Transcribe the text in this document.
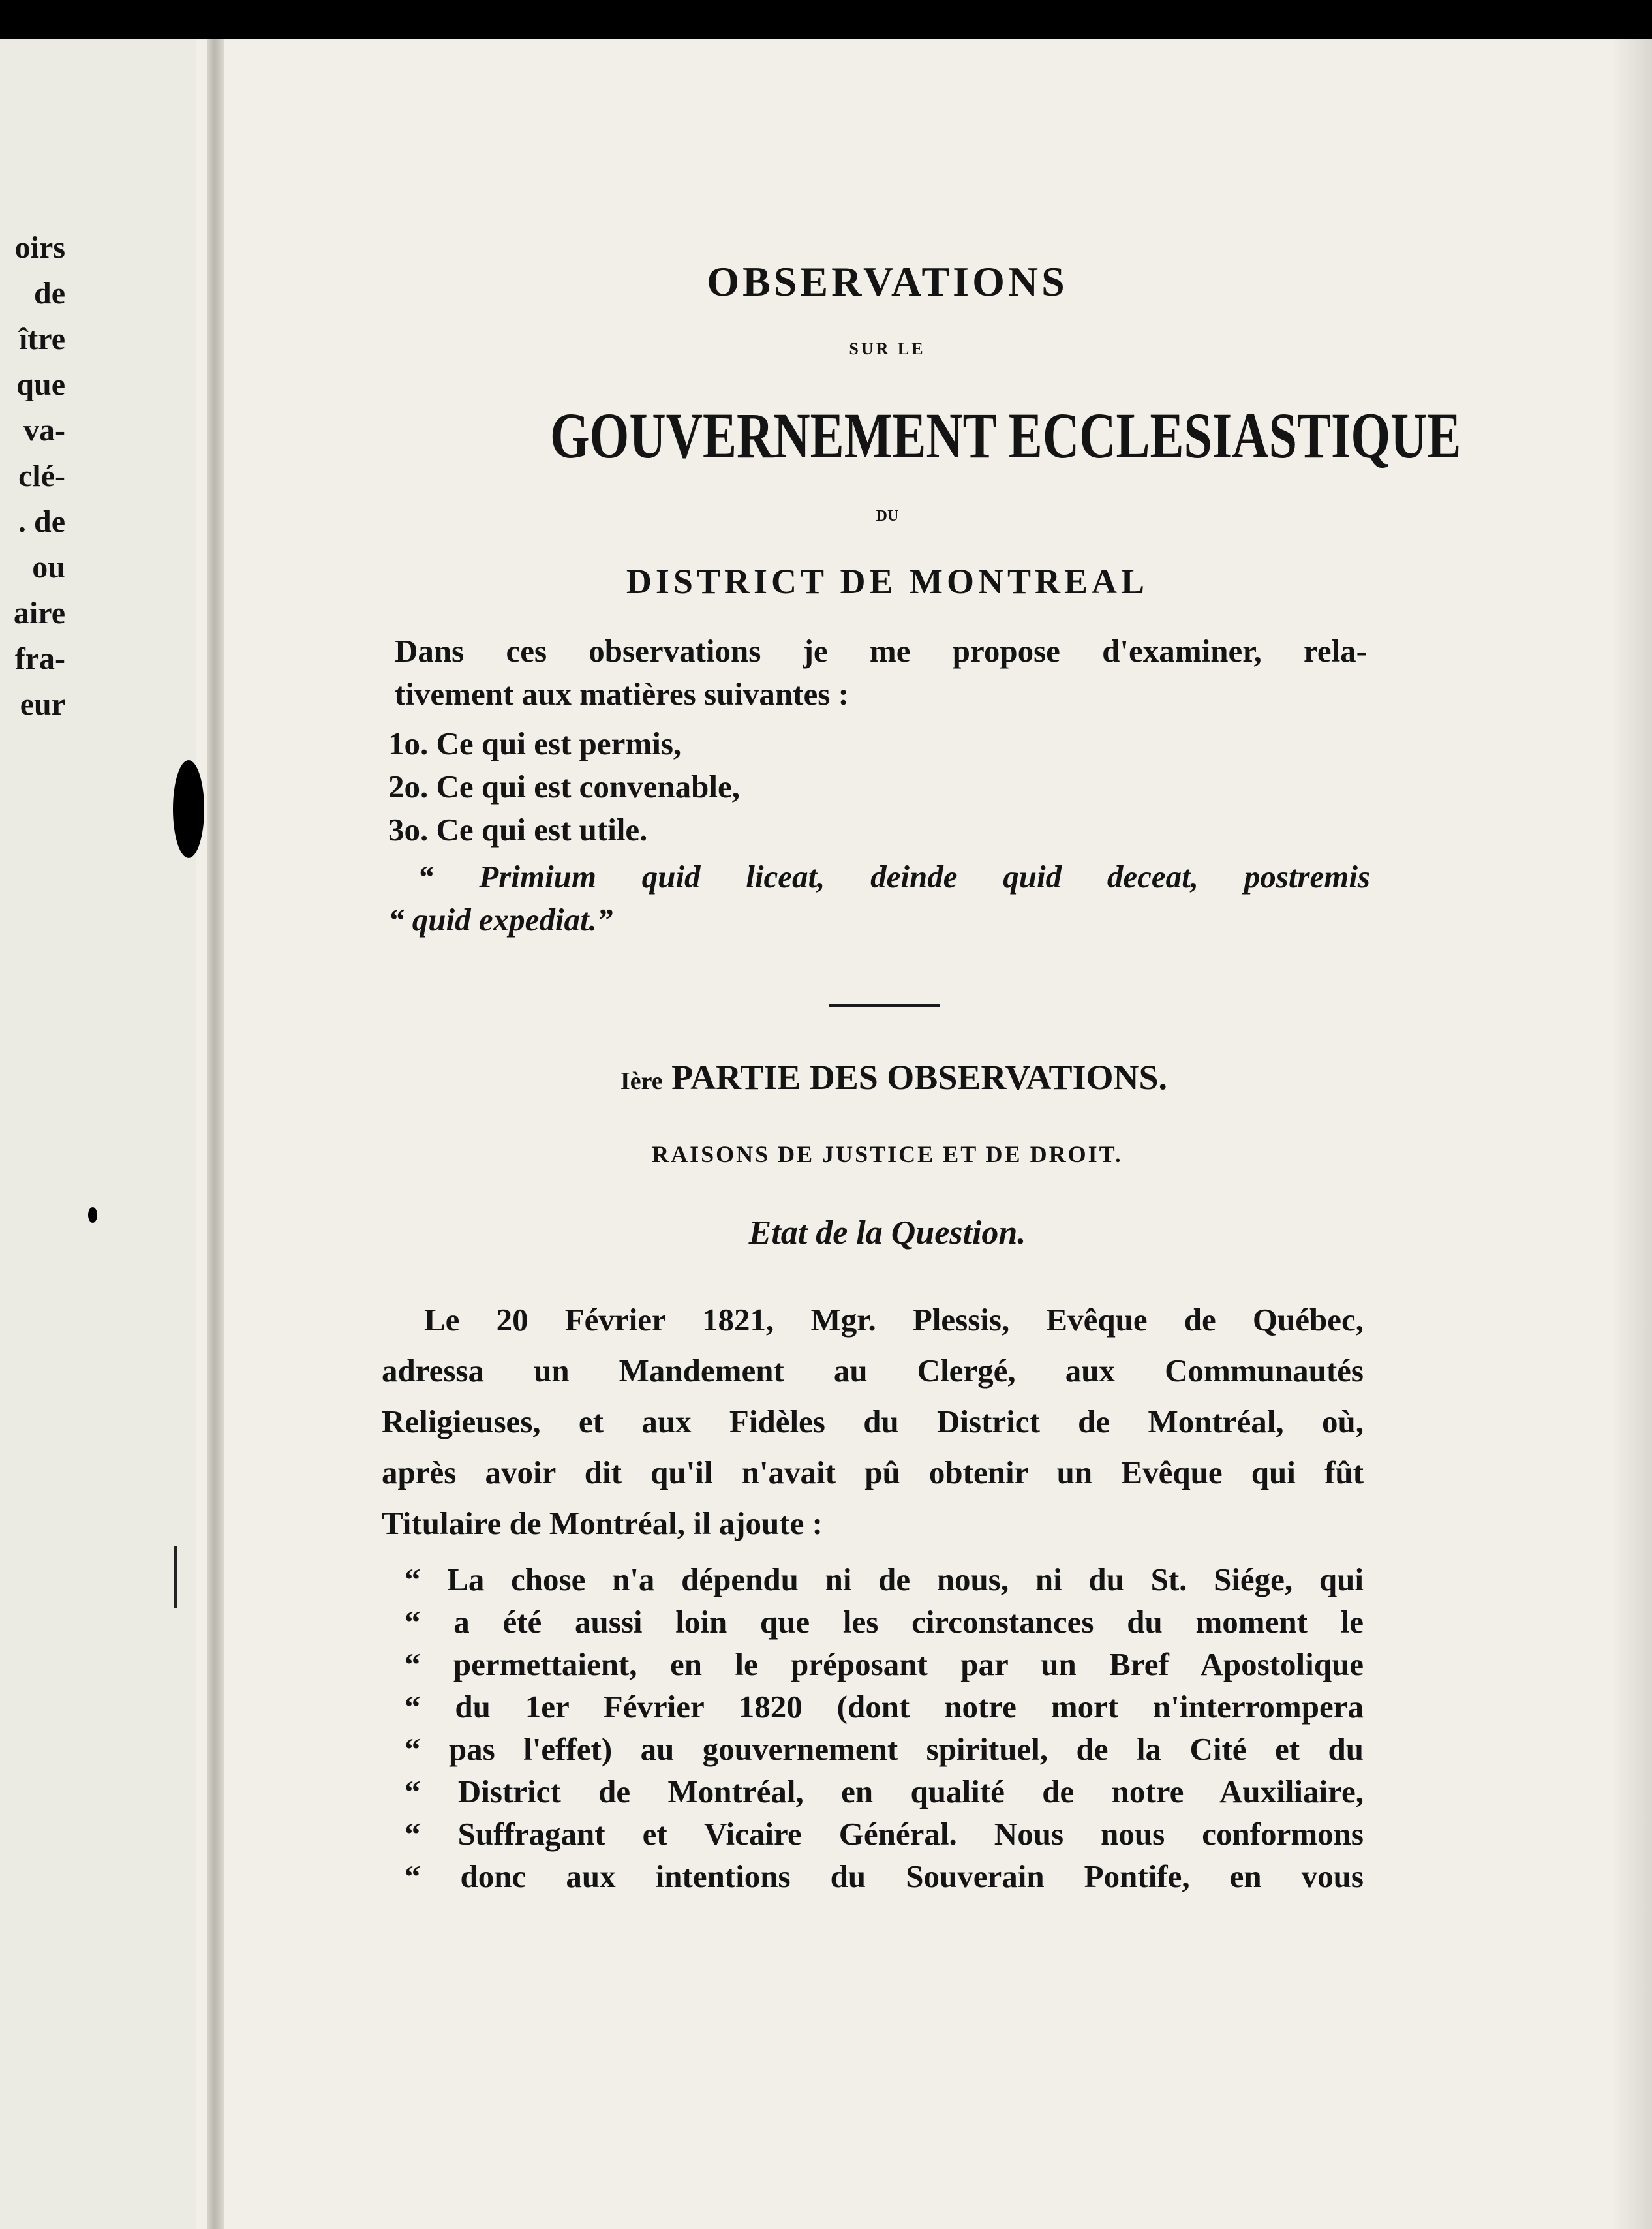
oirs
de
ître
que
va-
clé-
. de
ou
aire
fra-
eur
OBSERVATIONS
SUR LE
GOUVERNEMENT ECCLESIASTIQUE
DU
DISTRICT DE MONTREAL
Dans ces observations je me propose d'examiner, rela-
tivement aux matières suivantes :
1o. Ce qui est permis,
2o. Ce qui est convenable,
3o. Ce qui est utile.
“ Primium quid liceat, deinde quid deceat, postremis
“ quid expediat.”
Ière PARTIE DES OBSERVATIONS.
RAISONS DE JUSTICE ET DE DROIT.
Etat de la Question.
Le 20 Février 1821, Mgr. Plessis, Evêque de Québec,
adressa un Mandement au Clergé, aux Communautés
Religieuses, et aux Fidèles du District de Montréal, où,
après avoir dit qu'il n'avait pû obtenir un Evêque qui fût
Titulaire de Montréal, il ajoute :
“ La chose n'a dépendu ni de nous, ni du St. Siége, qui
“ a été aussi loin que les circonstances du moment le
“ permettaient, en le préposant par un Bref Apostolique
“ du 1er Février 1820 (dont notre mort n'interrompera
“ pas l'effet) au gouvernement spirituel, de la Cité et du
“ District de Montréal, en qualité de notre Auxiliaire,
“ Suffragant et Vicaire Général. Nous nous conformons
“ donc aux intentions du Souverain Pontife, en vous
